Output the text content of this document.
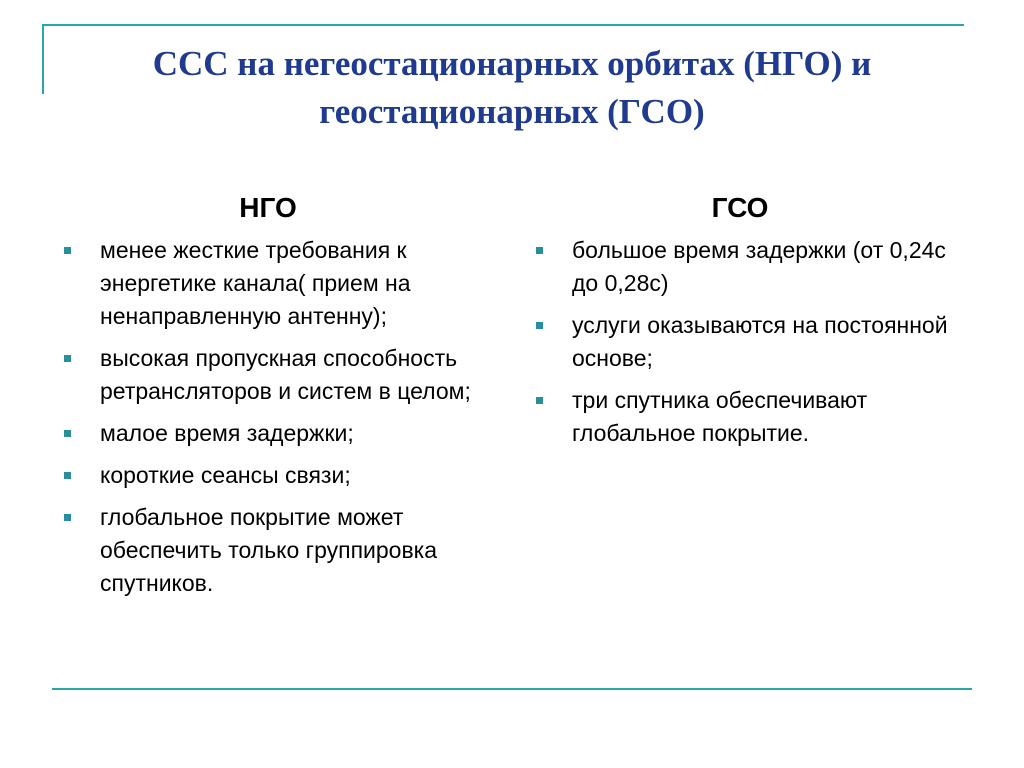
ССС на негеостационарных орбитах (НГО) и геостационарных (ГСО)
НГО
менее жесткие требования к энергетике канала( прием на ненаправленную антенну);
высокая пропускная способность ретрансляторов и систем в целом;
малое время задержки;
короткие сеансы связи;
глобальное покрытие может обеспечить только группировка спутников.
ГСО
большое время задержки (от 0,24с до 0,28с)
услуги оказываются на постоянной основе;
три спутника обеспечивают глобальное покрытие.
